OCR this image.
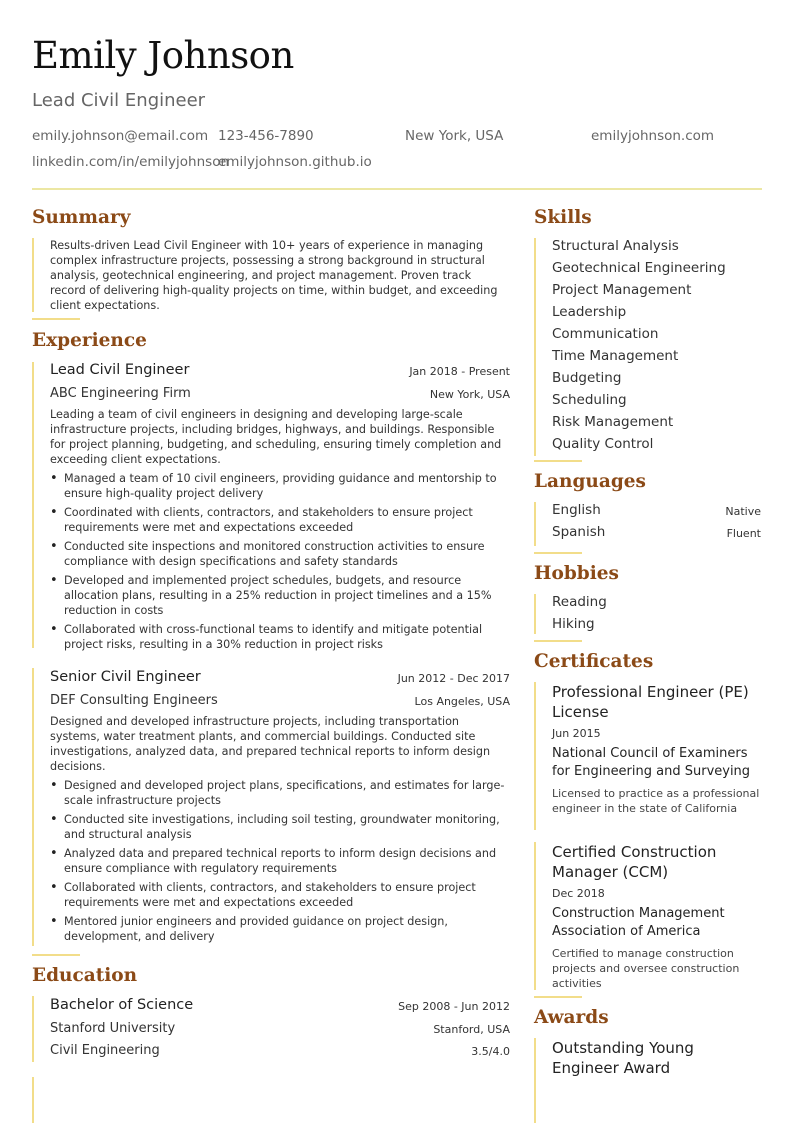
Emily Johnson
Lead Civil Engineer
emily.johnson@email.com 123-456-7890	New York, USA	emilyjohnson.com
linkedin.com/in/emilyjohnson
emilyjohnson.github.io
Summary
Results-driven Lead Civil Engineer with 10+ years of experience in managing complex infrastructure projects, possessing a strong background in structural analysis, geotechnical engineering, and project management. Proven track record of delivering high-quality projects on time, within budget, and exceeding client expectations.
Experience
Lead Civil Engineer	Jan 2018 - Present
ABC Engineering Firm	New York, USA
Leading a team of civil engineers in designing and developing large-scale infrastructure projects, including bridges, highways, and buildings. Responsible for project planning, budgeting, and scheduling, ensuring timely completion and exceeding client expectations.
• Managed a team of 10 civil engineers, providing guidance and mentorship to ensure high-quality project delivery
• Coordinated with clients, contractors, and stakeholders to ensure project requirements were met and expectations exceeded
• Conducted site inspections and monitored construction activities to ensure compliance with design specifications and safety standards
• Developed and implemented project schedules, budgets, and resource allocation plans, resulting in a 25% reduction in project timelines and a 15% reduction in costs
• Collaborated with cross-functional teams to identify and mitigate potential project risks, resulting in a 30% reduction in project risks
Senior Civil Engineer	Jun 2012 - Dec 2017
DEF Consulting Engineers	Los Angeles, USA
Designed and developed infrastructure projects, including transportation systems, water treatment plants, and commercial buildings. Conducted site investigations, analyzed data, and prepared technical reports to inform design decisions.
• Designed and developed project plans, specifications, and estimates for large-scale infrastructure projects
• Conducted site investigations, including soil testing, groundwater monitoring, and structural analysis
• Analyzed data and prepared technical reports to inform design decisions and ensure compliance with regulatory requirements
• Collaborated with clients, contractors, and stakeholders to ensure project requirements were met and expectations exceeded
• Mentored junior engineers and provided guidance on project design, development, and delivery
Education
Bachelor of Science	Sep 2008 - Jun 2012
Stanford University	Stanford, USA
Civil Engineering	3.5/4.0
Skills
Structural Analysis
Geotechnical Engineering
Project Management
Leadership
Communication
Time Management
Budgeting
Scheduling
Risk Management
Quality Control
Languages
English	Native
Spanish	Fluent
Hobbies
Reading
Hiking
Certificates
Professional Engineer (PE) License
Jun 2015
National Council of Examiners for Engineering and Surveying
Licensed to practice as a professional engineer in the state of California
Certified Construction Manager (CCM)
Dec 2018
Construction Management Association of America
Certified to manage construction projects and oversee construction activities
Awards
Outstanding Young Engineer Award
